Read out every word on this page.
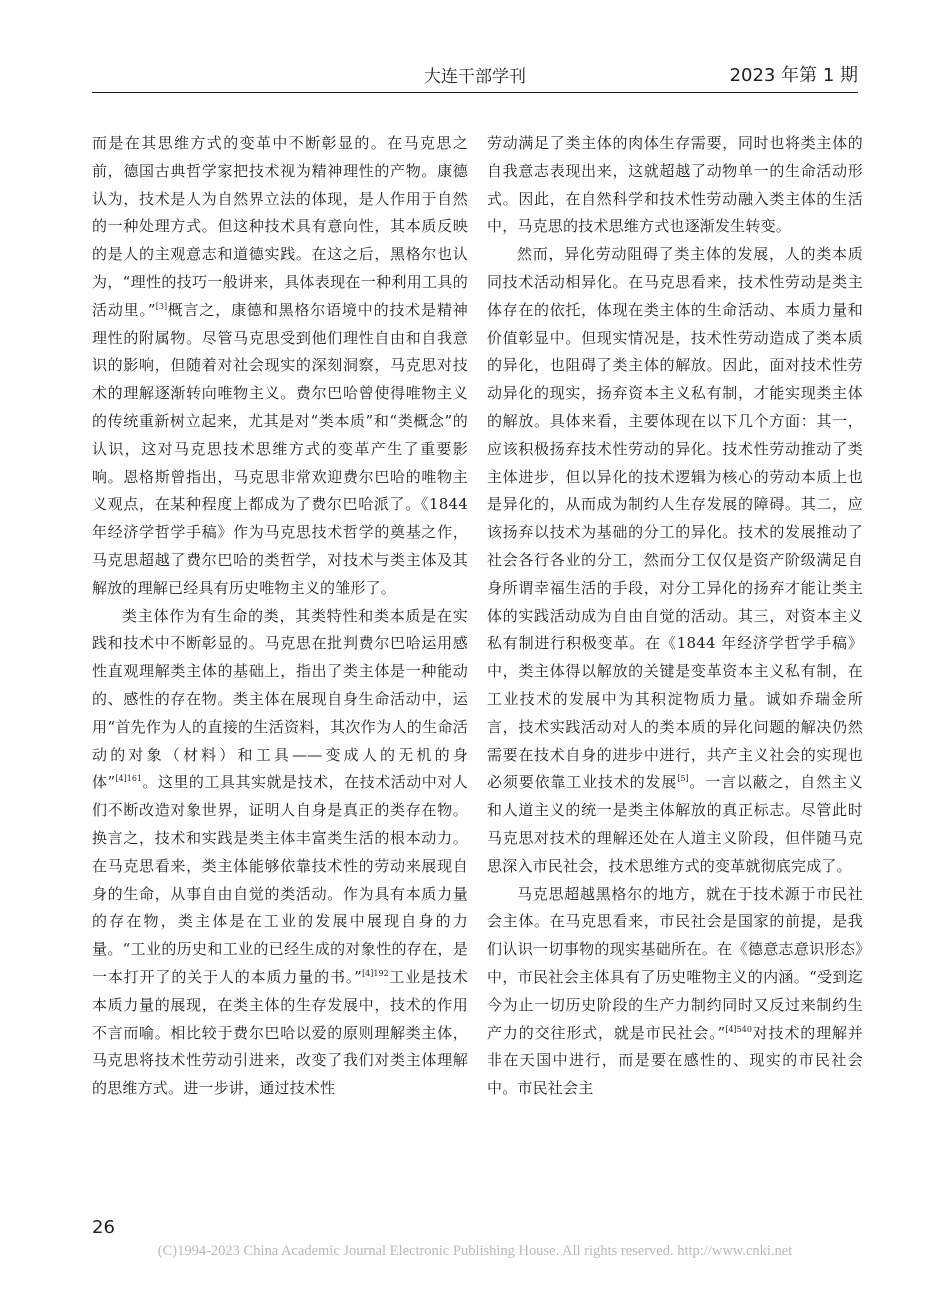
大连干部学刊	2023 年第 1 期

而是在其思维方式的变革中不断彰显的。在马克思之前，德国古典哲学家把技术视为精神理性的产物。康德认为，技术是人为自然界立法的体现，是人作用于自然的一种处理方式。但这种技术具有意向性，其本质反映的是人的主观意志和道德实践。在这之后，黑格尔也认为，“理性的技巧一般讲来，具体表现在一种利用工具的活动里。”[3]概言之，康德和黑格尔语境中的技术是精神理性的附属物。尽管马克思受到他们理性自由和自我意识的影响，但随着对社会现实的深刻洞察，马克思对技术的理解逐渐转向唯物主义。费尔巴哈曾使得唯物主义的传统重新树立起来，尤其是对“类本质”和“类概念”的认识，这对马克思技术思维方式的变革产生了重要影响。恩格斯曾指出，马克思非常欢迎费尔巴哈的唯物主义观点，在某种程度上都成为了费尔巴哈派了。《1844 年经济学哲学手稿》作为马克思技术哲学的奠基之作，马克思超越了费尔巴哈的类哲学，对技术与类主体及其解放的理解已经具有历史唯物主义的雏形了。

类主体作为有生命的类，其类特性和类本质是在实践和技术中不断彰显的。马克思在批判费尔巴哈运用感性直观理解类主体的基础上，指出了类主体是一种能动的、感性的存在物。类主体在展现自身生命活动中，运用“首先作为人的直接的生活资料，其次作为人的生命活动的对象（材料）和工具——变成人的无机的身体”$^{[4]161}$。这里的工具其实就是技术，在技术活动中对人们不断改造对象世界，证明人自身是真正的类存在物。换言之，技术和实践是类主体丰富类生活的根本动力。在马克思看来，类主体能够依靠技术性的劳动来展现自身的生命，从事自由自觉的类活动。作为具有本质力量的存在物，类主体是在工业的发展中展现自身的力量。“工业的历史和工业的已经生成的对象性的存在，是一本打开了的关于人的本质力量的书。”$^{[4]192}$工业是技术本质力量的展现，在类主体的生存发展中，技术的作用不言而喻。相比较于费尔巴哈以爱的原则理解类主体，马克思将技术性劳动引进来，改变了我们对类主体理解的思维方式。进一步讲，通过技术性

劳动满足了类主体的肉体生存需要，同时也将类主体的自我意志表现出来，这就超越了动物单一的生命活动形式。因此，在自然科学和技术性劳动融入类主体的生活中，马克思的技术思维方式也逐渐发生转变。

然而，异化劳动阻碍了类主体的发展，人的类本质同技术活动相异化。在马克思看来，技术性劳动是类主体存在的依托，体现在类主体的生命活动、本质力量和价值彰显中。但现实情况是，技术性劳动造成了类本质的异化，也阻碍了类主体的解放。因此，面对技术性劳动异化的现实，扬弃资本主义私有制，才能实现类主体的解放。具体来看，主要体现在以下几个方面：其一，应该积极扬弃技术性劳动的异化。技术性劳动推动了类主体进步，但以异化的技术逻辑为核心的劳动本质上也是异化的，从而成为制约人生存发展的障碍。其二，应该扬弃以技术为基础的分工的异化。技术的发展推动了社会各行各业的分工，然而分工仅仅是资产阶级满足自身所谓幸福生活的手段，对分工异化的扬弃才能让类主体的实践活动成为自由自觉的活动。其三，对资本主义私有制进行积极变革。在《1844 年经济学哲学手稿》中，类主体得以解放的关键是变革资本主义私有制，在工业技术的发展中为其积淀物质力量。诚如乔瑞金所言，技术实践活动对人的类本质的异化问题的解决仍然需要在技术自身的进步中进行，共产主义社会的实现也必须要依靠工业技术的发展[5]。一言以蔽之，自然主义和人道主义的统一是类主体解放的真正标志。尽管此时马克思对技术的理解还处在人道主义阶段，但伴随马克思深入市民社会，技术思维方式的变革就彻底完成了。

马克思超越黑格尔的地方，就在于技术源于市民社会主体。在马克思看来，市民社会是国家的前提，是我们认识一切事物的现实基础所在。在《德意志意识形态》中，市民社会主体具有了历史唯物主义的内涵。“受到迄今为止一切历史阶段的生产力制约同时又反过来制约生产力的交往形式，就是市民社会。”$^{[4]540}$对技术的理解并非在天国中进行，而是要在感性的、现实的市民社会中。市民社会主

26
(C)1994-2023 China Academic Journal Electronic Publishing House. All rights reserved. http://www.cnki.net
